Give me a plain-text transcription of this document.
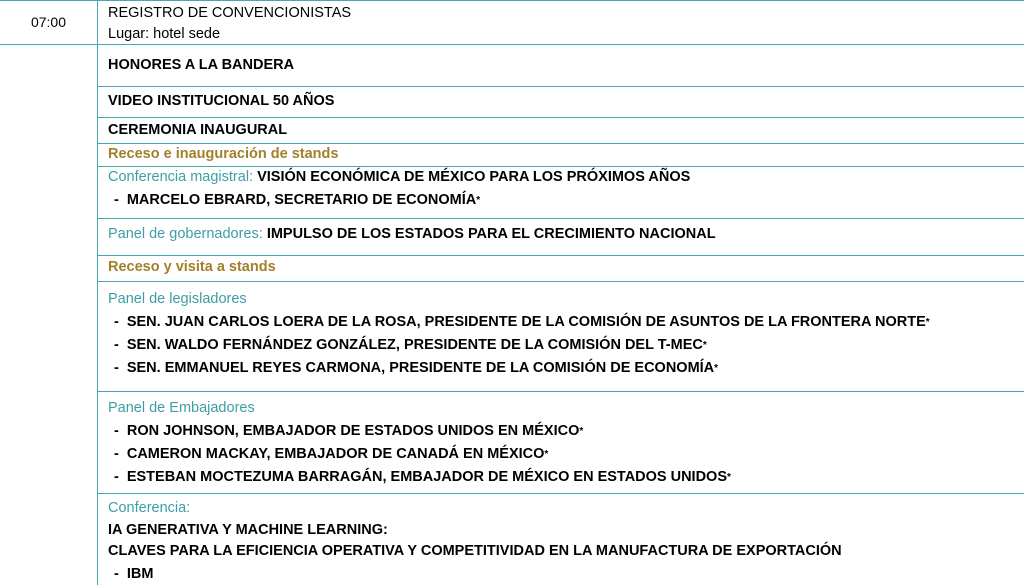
07:00
REGISTRO DE CONVENCIONISTAS
Lugar: hotel sede
HONORES A LA BANDERA
VIDEO INSTITUCIONAL 50 AÑOS
CEREMONIA INAUGURAL
Receso e inauguración de stands
Conferencia magistral: VISIÓN ECONÓMICA DE MÉXICO PARA LOS PRÓXIMOS AÑOS
- MARCELO EBRARD, SECRETARIO DE ECONOMÍA*
Panel de gobernadores: IMPULSO DE LOS ESTADOS PARA EL CRECIMIENTO NACIONAL
Receso y visita a stands
Panel de legisladores
- SEN. JUAN CARLOS LOERA DE LA ROSA, PRESIDENTE DE LA COMISIÓN DE ASUNTOS DE LA FRONTERA NORTE*
- SEN. WALDO FERNÁNDEZ GONZÁLEZ, PRESIDENTE DE LA COMISIÓN DEL T-MEC*
- SEN. EMMANUEL REYES CARMONA, PRESIDENTE DE LA COMISIÓN DE ECONOMÍA*
Panel de Embajadores
- RON JOHNSON, EMBAJADOR DE ESTADOS UNIDOS EN MÉXICO*
- CAMERON MACKAY, EMBAJADOR DE CANADÁ EN MÉXICO*
- ESTEBAN MOCTEZUMA BARRAGÁN, EMBAJADOR DE MÉXICO EN ESTADOS UNIDOS*
Conferencia:
IA GENERATIVA Y MACHINE LEARNING:
CLAVES PARA LA EFICIENCIA OPERATIVA Y COMPETITIVIDAD EN LA MANUFACTURA DE EXPORTACIÓN
- IBM
